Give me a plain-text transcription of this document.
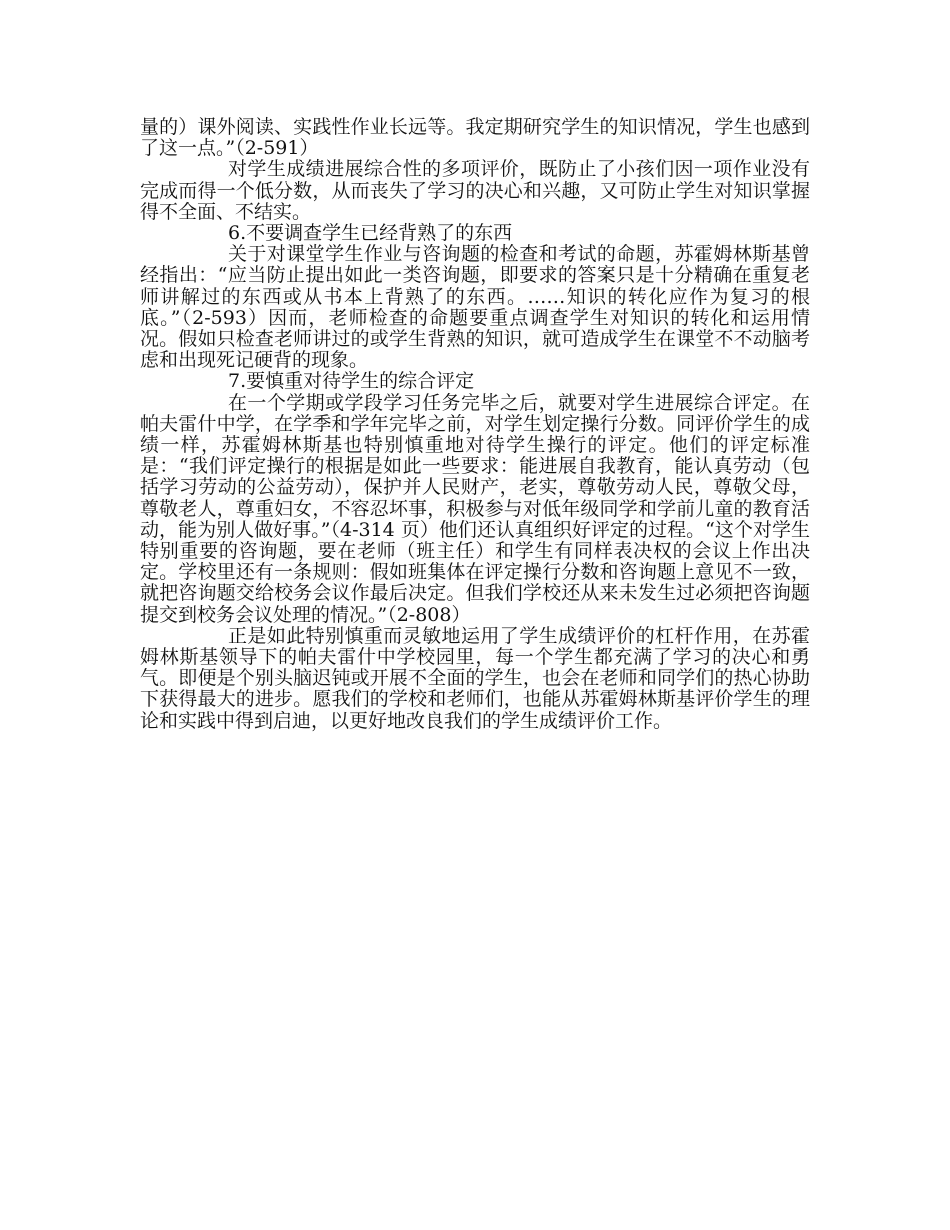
量的）课外阅读、实践性作业长远等。我定期研究学生的知识情况，学生也感到了这一点。”（2-591）

对学生成绩进展综合性的多项评价，既防止了小孩们因一项作业没有完成而得一个低分数，从而丧失了学习的决心和兴趣，又可防止学生对知识掌握得不全面、不结实。

6.不要调查学生已经背熟了的东西

关于对课堂学生作业与咨询题的检查和考试的命题，苏霍姆林斯基曾经指出：“应当防止提出如此一类咨询题，即要求的答案只是十分精确在重复老师讲解过的东西或从书本上背熟了的东西。……知识的转化应作为复习的根底。”（2-593）因而，老师检查的命题要重点调查学生对知识的转化和运用情况。假如只检查老师讲过的或学生背熟的知识，就可造成学生在课堂不不动脑考虑和出现死记硬背的现象。

7.要慎重对待学生的综合评定

在一个学期或学段学习任务完毕之后，就要对学生进展综合评定。在帕夫雷什中学，在学季和学年完毕之前，对学生划定操行分数。同评价学生的成绩一样，苏霍姆林斯基也特别慎重地对待学生操行的评定。他们的评定标准是：“我们评定操行的根据是如此一些要求：能进展自我教育，能认真劳动（包括学习劳动的公益劳动），保护并人民财产，老实，尊敬劳动人民，尊敬父母，尊敬老人，尊重妇女，不容忍坏事，积极参与对低年级同学和学前儿童的教育活动，能为别人做好事。”（4-314 页）他们还认真组织好评定的过程。“这个对学生特别重要的咨询题，要在老师（班主任）和学生有同样表决权的会议上作出决定。学校里还有一条规则：假如班集体在评定操行分数和咨询题上意见不一致，就把咨询题交给校务会议作最后决定。但我们学校还从来未发生过必须把咨询题提交到校务会议处理的情况。”（2-808）

正是如此特别慎重而灵敏地运用了学生成绩评价的杠杆作用，在苏霍姆林斯基领导下的帕夫雷什中学校园里，每一个学生都充满了学习的决心和勇气。即便是个别头脑迟钝或开展不全面的学生，也会在老师和同学们的热心协助下获得最大的进步。愿我们的学校和老师们，也能从苏霍姆林斯基评价学生的理论和实践中得到启迪，以更好地改良我们的学生成绩评价工作。
